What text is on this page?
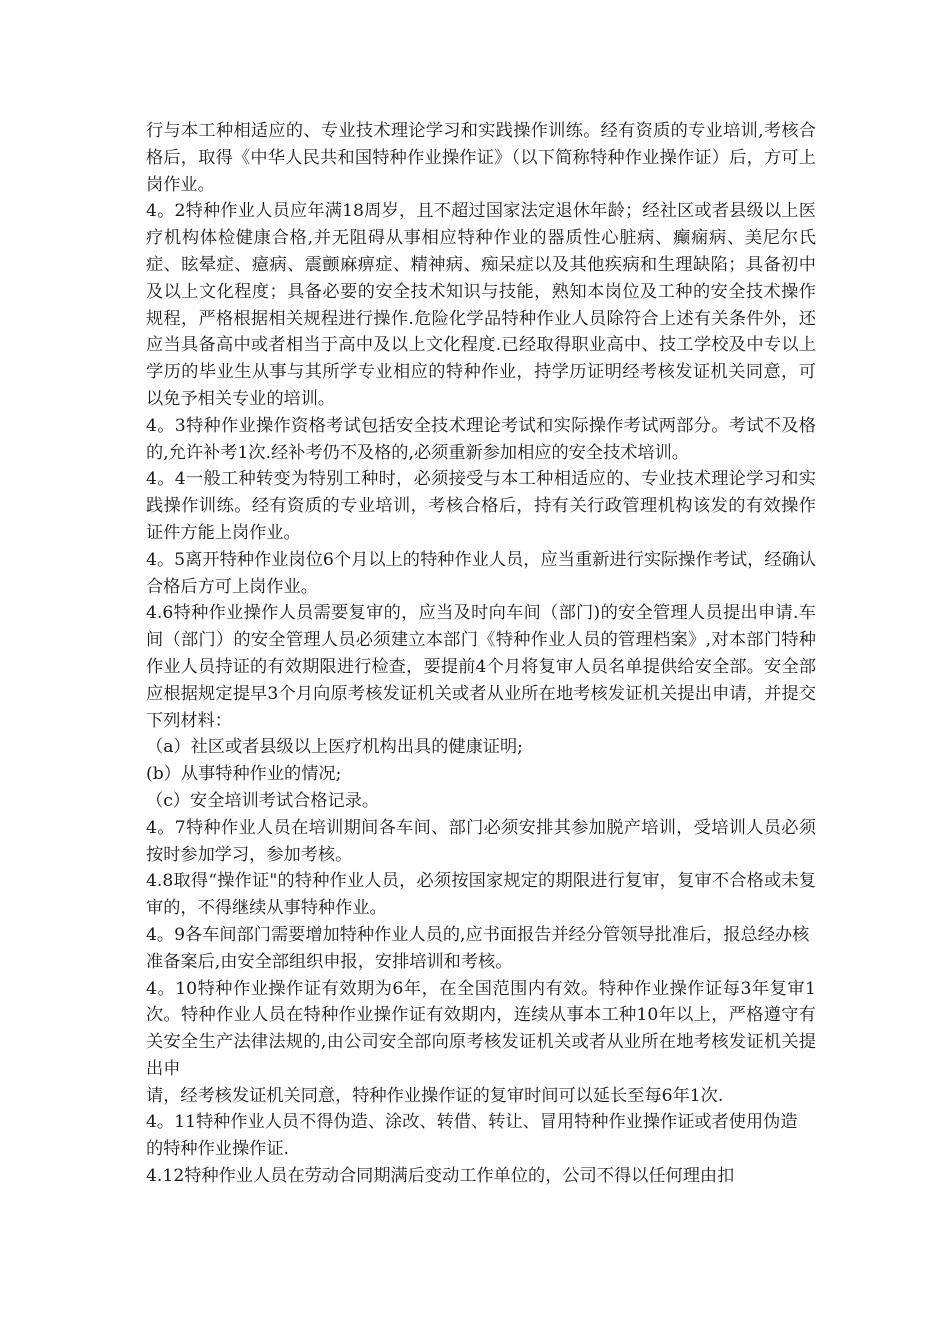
行与本工种相适应的、专业技术理论学习和实践操作训练。经有资质的专业培训,考核合格后，取得《中华人民共和国特种作业操作证》（以下简称特种作业操作证）后，方可上岗作业。

4。2特种作业人员应年满18周岁，且不超过国家法定退休年龄；经社区或者县级以上医疗机构体检健康合格,并无阻碍从事相应特种作业的器质性心脏病、癫痫病、美尼尔氏症、眩晕症、癔病、震颤麻痹症、精神病、痴呆症以及其他疾病和生理缺陷；具备初中及以上文化程度；具备必要的安全技术知识与技能，熟知本岗位及工种的安全技术操作规程，严格根据相关规程进行操作.危险化学品特种作业人员除符合上述有关条件外，还应当具备高中或者相当于高中及以上文化程度.已经取得职业高中、技工学校及中专以上学历的毕业生从事与其所学专业相应的特种作业，持学历证明经考核发证机关同意，可以免予相关专业的培训。

4。3特种作业操作资格考试包括安全技术理论考试和实际操作考试两部分。考试不及格的,允许补考1次.经补考仍不及格的,必须重新参加相应的安全技术培训。

4。4一般工种转变为特别工种时，必须接受与本工种相适应的、专业技术理论学习和实践操作训练。经有资质的专业培训，考核合格后，持有关行政管理机构该发的有效操作证件方能上岗作业。

4。5离开特种作业岗位6个月以上的特种作业人员，应当重新进行实际操作考试，经确认合格后方可上岗作业。

4.6特种作业操作人员需要复审的，应当及时向车间（部门)的安全管理人员提出申请.车间（部门）的安全管理人员必须建立本部门《特种作业人员的管理档案》,对本部门特种作业人员持证的有效期限进行检查，要提前4个月将复审人员名单提供给安全部。安全部应根据规定提早3个月向原考核发证机关或者从业所在地考核发证机关提出申请，并提交下列材料：

（a）社区或者县级以上医疗机构出具的健康证明;

(b）从事特种作业的情况;

（c）安全培训考试合格记录。

4。7特种作业人员在培训期间各车间、部门必须安排其参加脱产培训，受培训人员必须按时参加学习，参加考核。

4.8取得“操作证"的特种作业人员，必须按国家规定的期限进行复审，复审不合格或未复审的，不得继续从事特种作业。

4。9各车间部门需要增加特种作业人员的,应书面报告并经分管领导批准后，报总经办核

准备案后,由安全部组织申报，安排培训和考核。

4。10特种作业操作证有效期为6年，在全国范围内有效。特种作业操作证每3年复审1次。特种作业人员在特种作业操作证有效期内，连续从事本工种10年以上，严格遵守有关安全生产法律法规的,由公司安全部向原考核发证机关或者从业所在地考核发证机关提出申

请，经考核发证机关同意，特种作业操作证的复审时间可以延长至每6年1次.

4。11特种作业人员不得伪造、涂改、转借、转让、冒用特种作业操作证或者使用伪造

的特种作业操作证.

4.12特种作业人员在劳动合同期满后变动工作单位的，公司不得以任何理由扣
